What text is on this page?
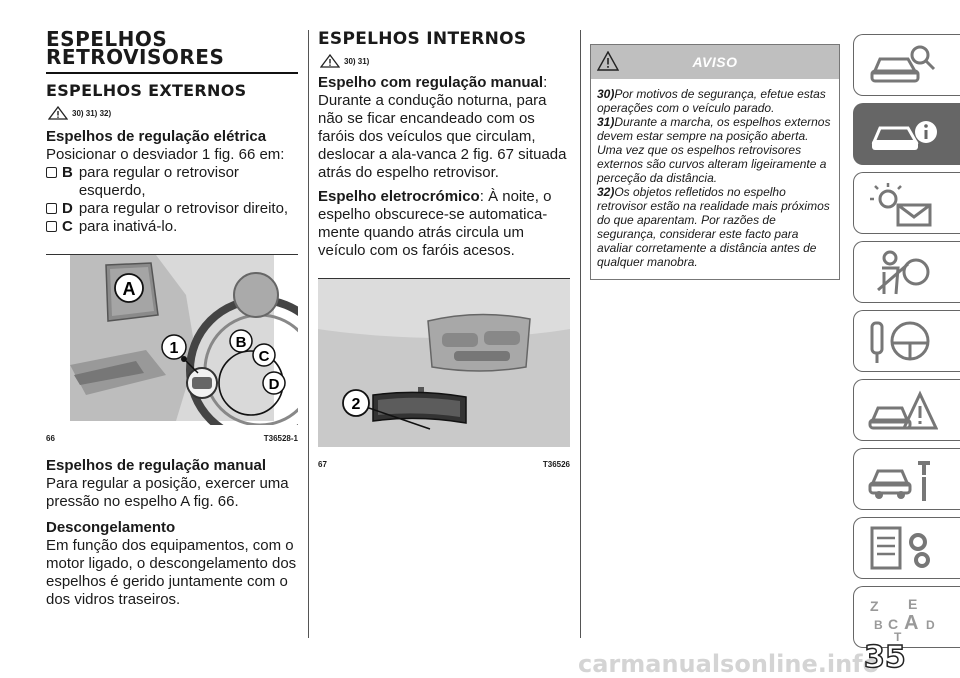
ESPELHOS
RETROVISORES
ESPELHOS EXTERNOS
30) 31) 32)
Espelhos de regulação elétrica
Posicionar o desviador 1 fig. 66 em:
B para regular o retrovisor esquerdo,
D para regular o retrovisor direito,
C para inativá-lo.
A
1	B
C
D
66	T36528-1
Espelhos de regulação manual
Para regular a posição, exercer uma pressão no espelho A fig. 66.
Descongelamento
Em função dos equipamentos, com o motor ligado, o descongelamento dos espelhos é gerido juntamente com o dos vidros traseiros.
ESPELHOS INTERNOS
30) 31)
Espelho com regulação manual: Durante a condução noturna, para não se ficar encandeado com os faróis dos veículos que circulam, deslocar a ala-vanca 2 fig. 67 situada atrás do espelho retrovisor.
Espelho eletrocrómico: À noite, o espelho obscurece-se automatica-mente quando atrás circula um veículo com os faróis acesos.
2
67	T36526
AVISO
30)Por motivos de segurança, efetue estas operações com o veículo parado.
31)Durante a marcha, os espelhos externos devem estar sempre na posição aberta. Uma vez que os espelhos retrovisores externos são curvos alteram ligeiramente a perceção da distância.
32)Os objetos refletidos no espelho retrovisor estão na realidade mais próximos do que aparentam. Por razões de segurança, considerar este facto para avaliar corretamente a distância antes de qualquer manobra.
Z E
B C A D
T
carmanualsonline.info
35
